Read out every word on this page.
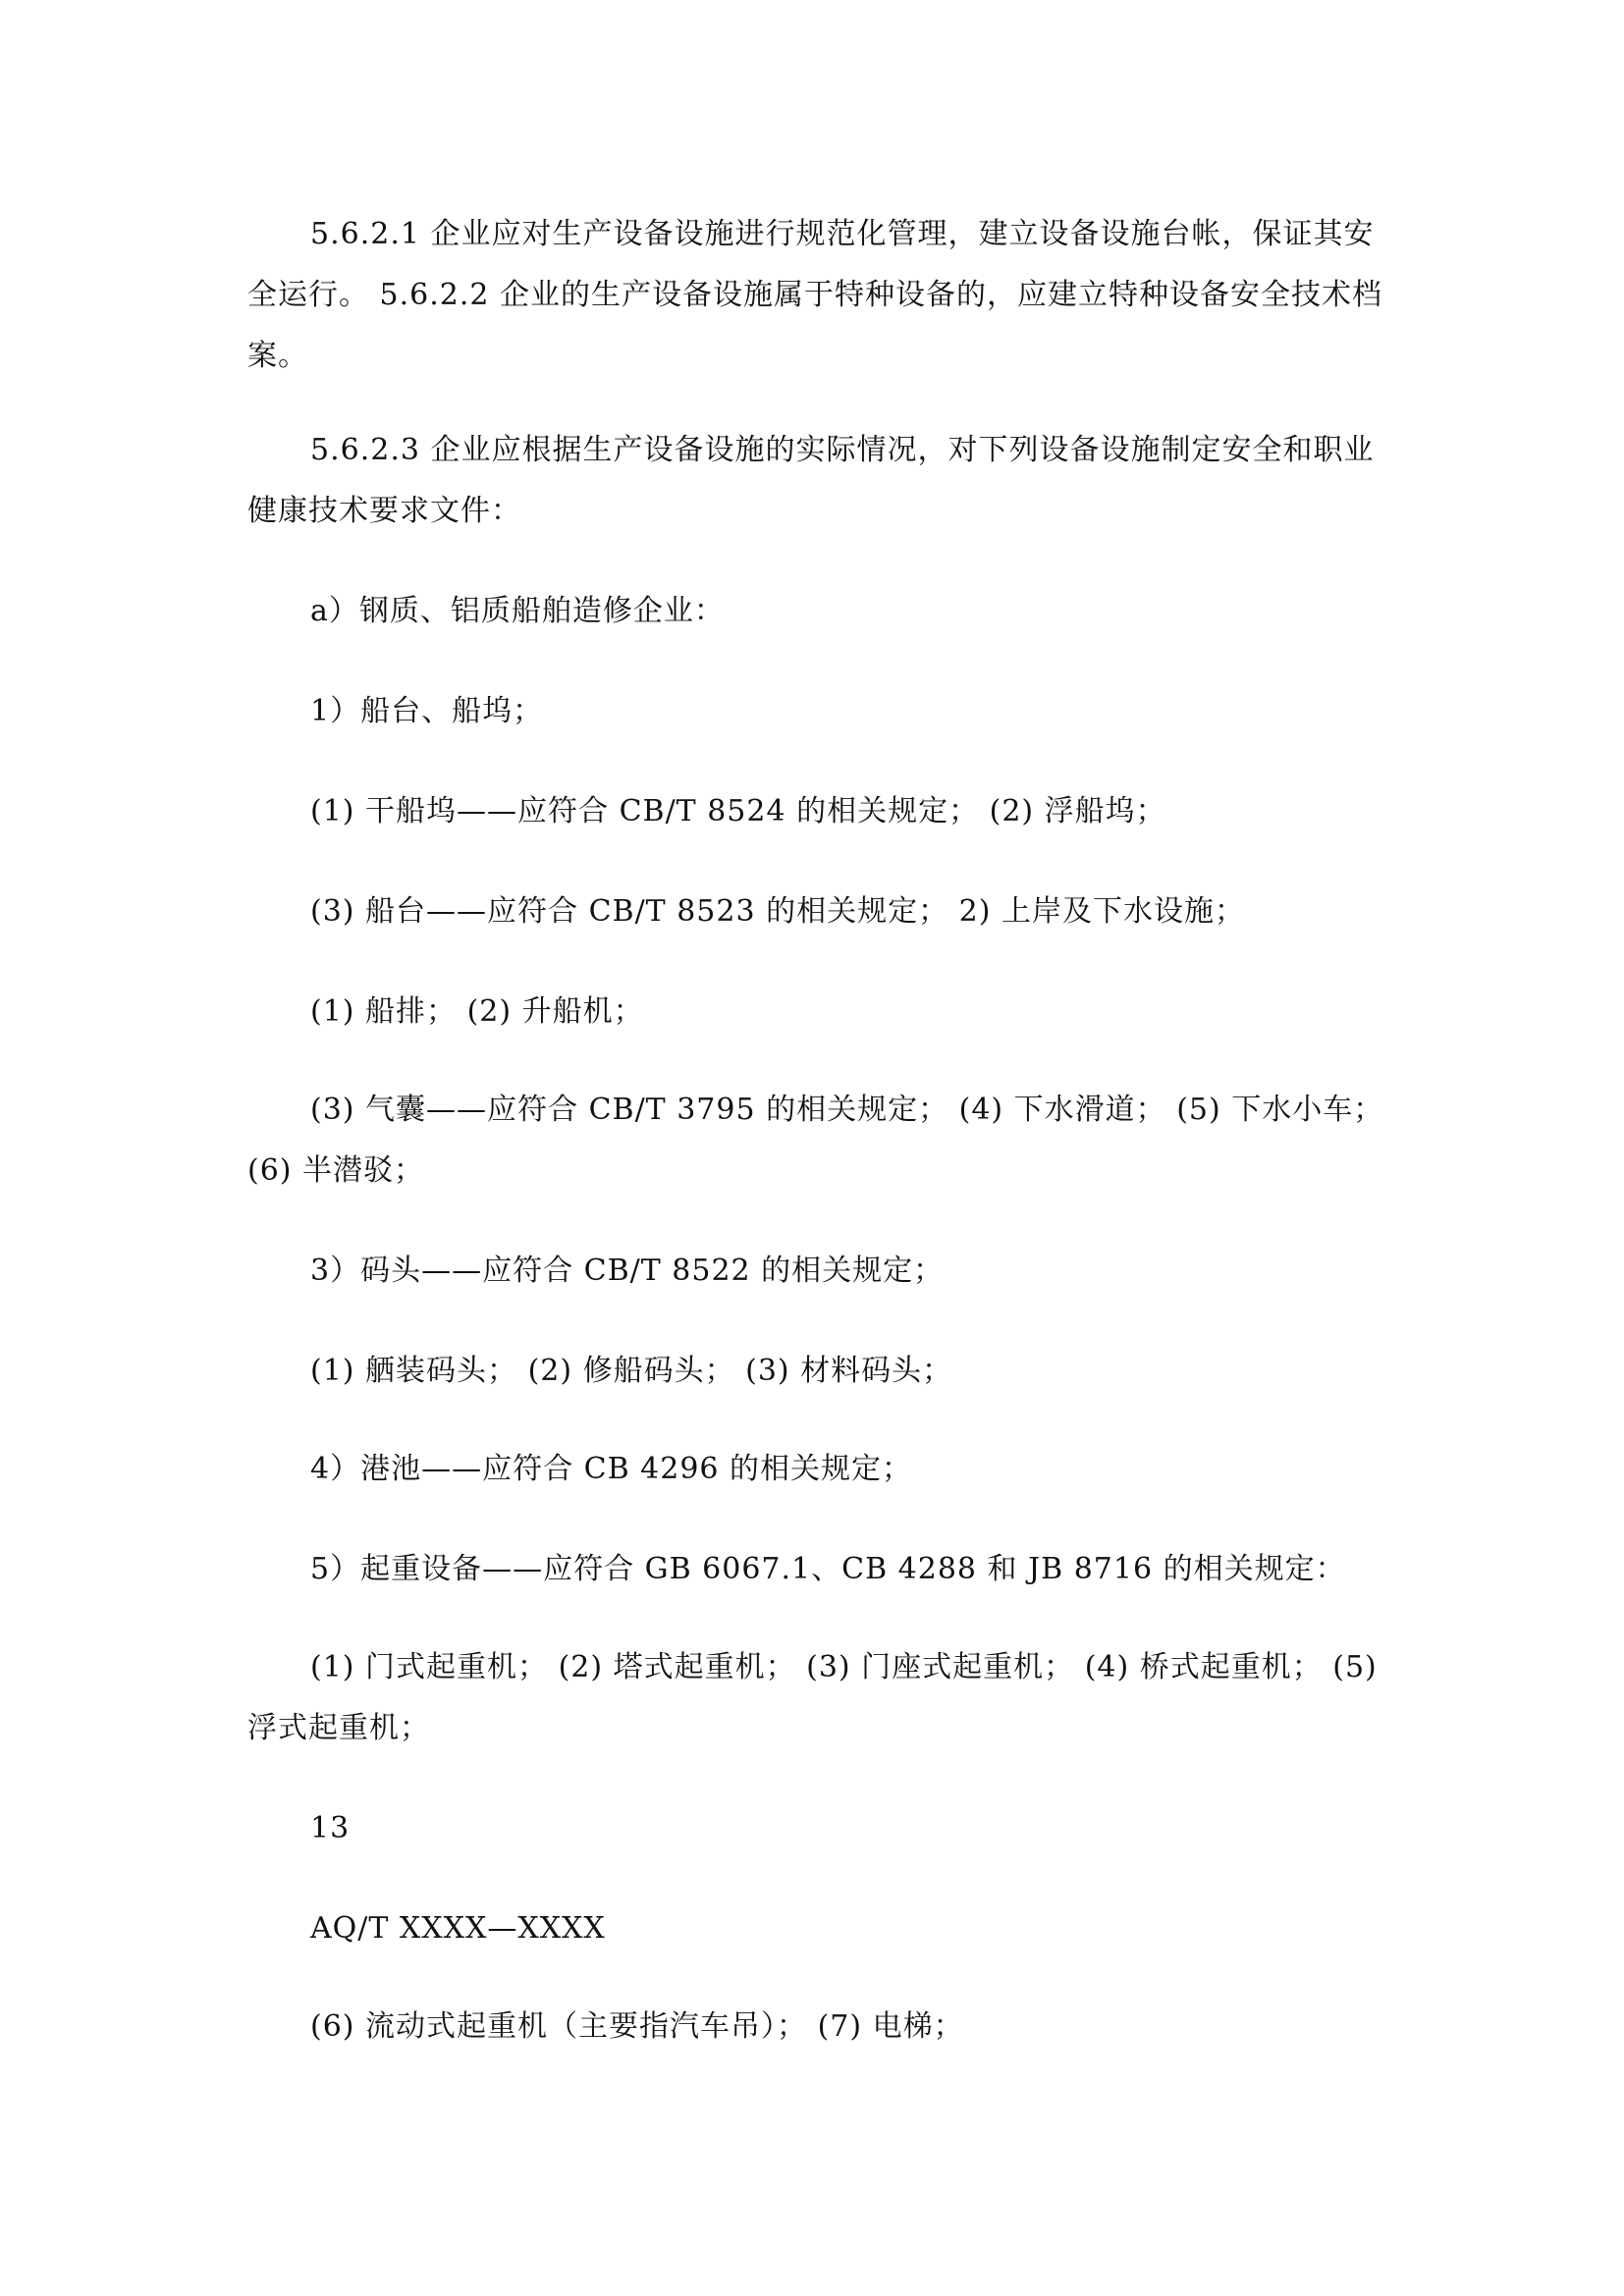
5.6.2.1 企业应对生产设备设施进行规范化管理，建立设备设施台帐，保证其安全运行。 5.6.2.2 企业的生产设备设施属于特种设备的，应建立特种设备安全技术档案。

5.6.2.3 企业应根据生产设备设施的实际情况，对下列设备设施制定安全和职业健康技术要求文件：

a）钢质、铝质船舶造修企业：

1）船台、船坞；

(1) 干船坞——应符合 CB/T 8524 的相关规定； (2) 浮船坞；

(3) 船台——应符合 CB/T 8523 的相关规定； 2) 上岸及下水设施；

(1) 船排； (2) 升船机；

(3) 气囊——应符合 CB/T 3795 的相关规定； (4) 下水滑道； (5) 下水小车； (6) 半潜驳；

3）码头——应符合 CB/T 8522 的相关规定；

(1) 舾装码头； (2) 修船码头； (3) 材料码头；

4）港池——应符合 CB 4296 的相关规定；

5）起重设备——应符合 GB 6067.1、CB 4288 和 JB 8716 的相关规定：

(1) 门式起重机； (2) 塔式起重机； (3) 门座式起重机； (4) 桥式起重机； (5) 浮式起重机；

13

AQ/T XXXX—XXXX

(6) 流动式起重机（主要指汽车吊）； (7) 电梯；
